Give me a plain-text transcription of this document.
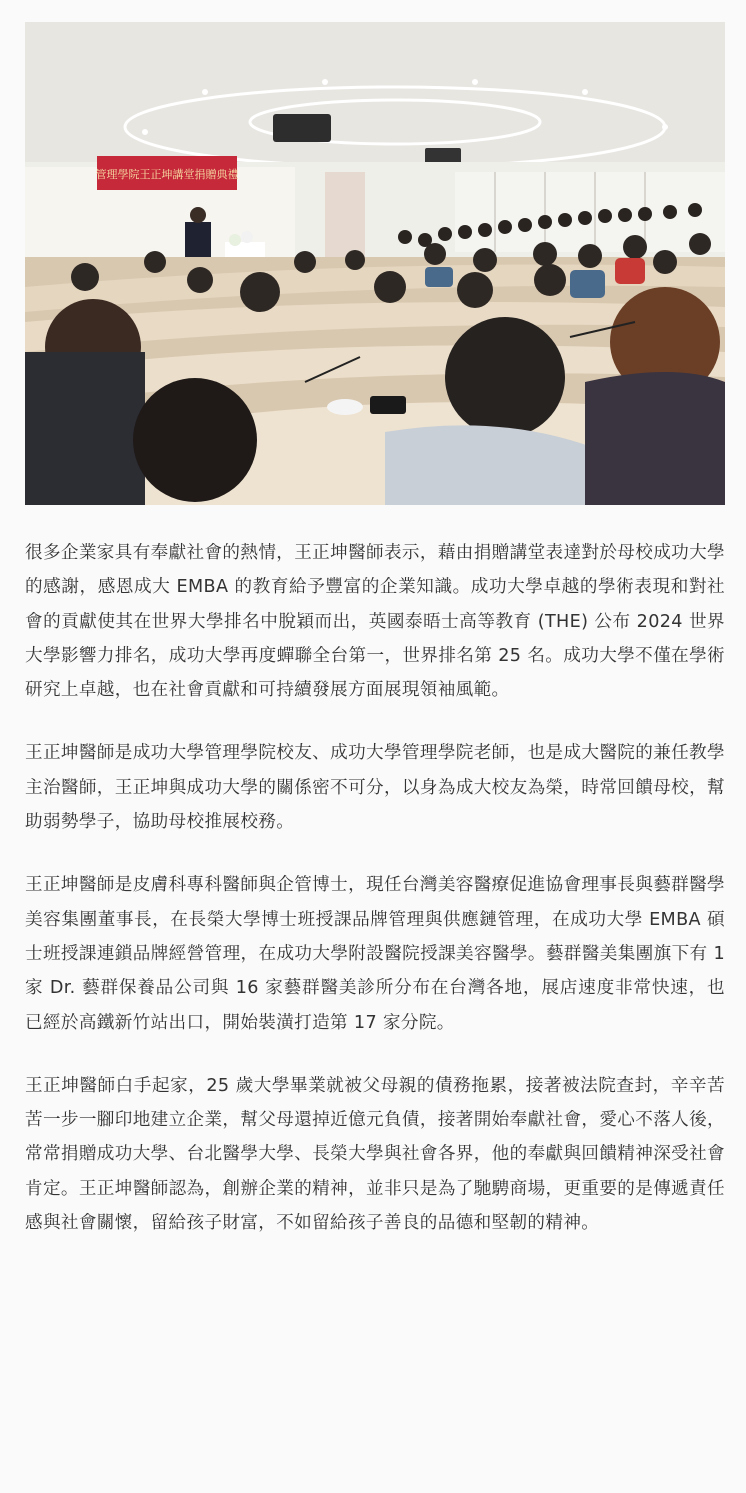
管理學院王正坤講堂捐贈典禮

很多企業家具有奉獻社會的熱情，王正坤醫師表示，藉由捐贈講堂表達對於母校成功大學的感謝，感恩成大 EMBA 的教育給予豐富的企業知識。成功大學卓越的學術表現和對社會的貢獻使其在世界大學排名中脫穎而出，英國泰晤士高等教育 (THE) 公布 2024 世界大學影響力排名，成功大學再度蟬聯全台第一，世界排名第 25 名。成功大學不僅在學術研究上卓越，也在社會貢獻和可持續發展方面展現領袖風範。

王正坤醫師是成功大學管理學院校友、成功大學管理學院老師，也是成大醫院的兼任教學主治醫師，王正坤與成功大學的關係密不可分，以身為成大校友為榮，時常回饋母校，幫助弱勢學子，協助母校推展校務。

王正坤醫師是皮膚科專科醫師與企管博士，現任台灣美容醫療促進協會理事長與藝群醫學美容集團董事長，在長榮大學博士班授課品牌管理與供應鏈管理，在成功大學 EMBA 碩士班授課連鎖品牌經營管理，在成功大學附設醫院授課美容醫學。藝群醫美集團旗下有 1 家 Dr. 藝群保養品公司與 16 家藝群醫美診所分布在台灣各地，展店速度非常快速，也已經於高鐵新竹站出口，開始裝潢打造第 17 家分院。

王正坤醫師白手起家，25 歲大學畢業就被父母親的債務拖累，接著被法院查封，辛辛苦苦一步一腳印地建立企業，幫父母還掉近億元負債，接著開始奉獻社會，愛心不落人後，常常捐贈成功大學、台北醫學大學、長榮大學與社會各界，他的奉獻與回饋精神深受社會肯定。王正坤醫師認為，創辦企業的精神，並非只是為了馳騁商場，更重要的是傳遞責任感與社會關懷，留給孩子財富，不如留給孩子善良的品德和堅韌的精神。
